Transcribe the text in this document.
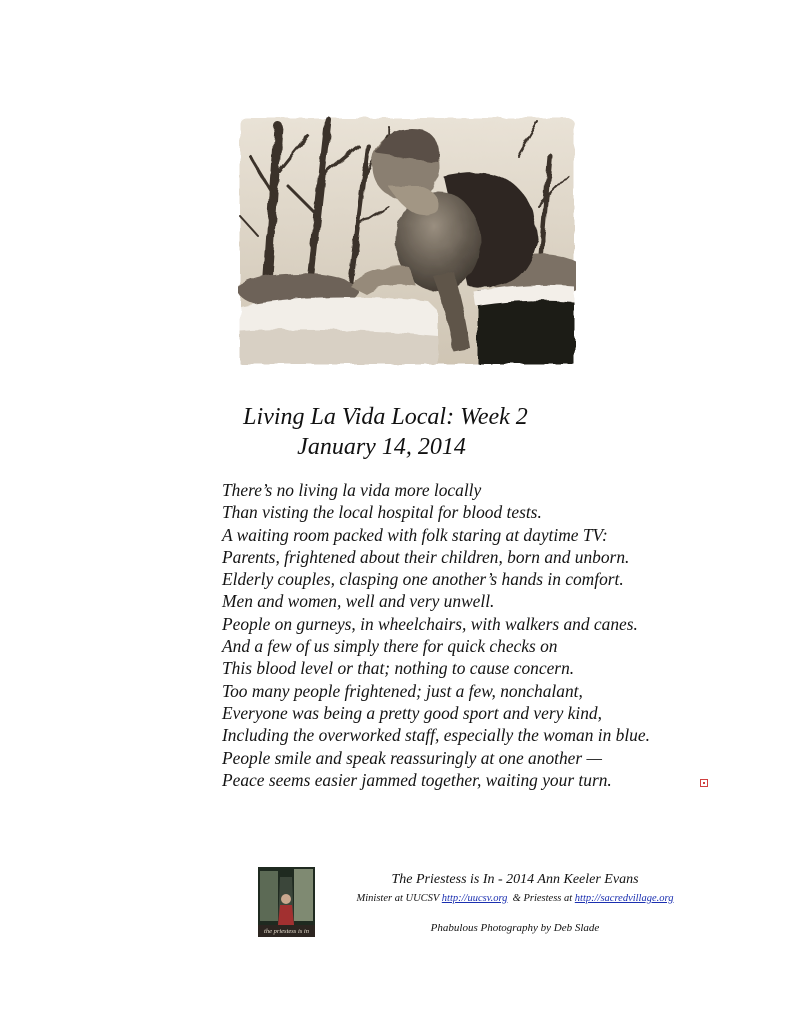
Living La Vida Local: Week 2
January 14, 2014
There’s no living la vida more locally
Than visting the local hospital for blood tests.
A waiting room packed with folk staring at daytime TV:
Parents, frightened about their children, born and unborn.
Elderly couples, clasping one another’s hands in comfort.
Men and women, well and very unwell.
People on gurneys, in wheelchairs, with walkers and canes.
And a few of us simply there for quick checks on
This blood level or that; nothing to cause concern.
Too many people frightened; just a few, nonchalant,
Everyone was being a pretty good sport and very kind,
Including the overworked staff, especially the woman in blue.
People smile and speak reassuringly at one another —
Peace seems easier jammed together, waiting your turn.
the priestess is in
The Priestess is In - 2014 Ann Keeler Evans
Minister at UUCSV http://uucsv.org  & Priestess at http://sacredvillage.org
Phabulous Photography by Deb Slade
